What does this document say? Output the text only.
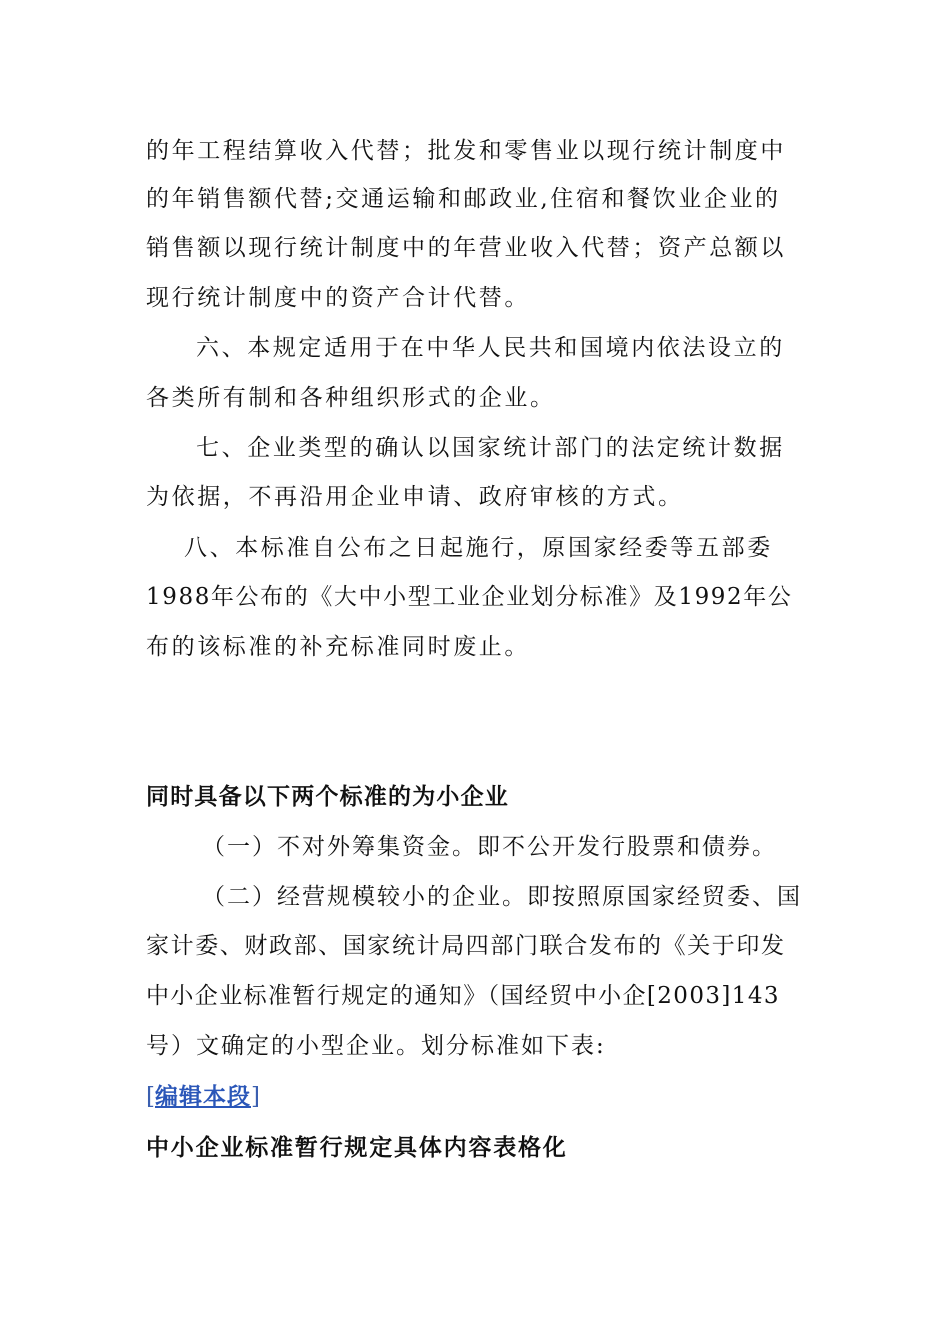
的年工程结算收入代替；批发和零售业以现行统计制度中
的年销售额代替;交通运输和邮政业,住宿和餐饮业企业的
销售额以现行统计制度中的年营业收入代替；资产总额以
现行统计制度中的资产合计代替。
六、本规定适用于在中华人民共和国境内依法设立的
各类所有制和各种组织形式的企业。
七、企业类型的确认以国家统计部门的法定统计数据
为依据，不再沿用企业申请、政府审核的方式。
八、本标准自公布之日起施行，原国家经委等五部委
1988年公布的《大中小型工业企业划分标准》及1992年公
布的该标准的补充标准同时废止。
同时具备以下两个标准的为小企业
（一）不对外筹集资金。即不公开发行股票和债券。
（二）经营规模较小的企业。即按照原国家经贸委、国
家计委、财政部、国家统计局四部门联合发布的《关于印发
中小企业标准暂行规定的通知》（国经贸中小企[2003]143
号）文确定的小型企业。划分标准如下表:
[编辑本段]
中小企业标准暂行规定具体内容表格化
